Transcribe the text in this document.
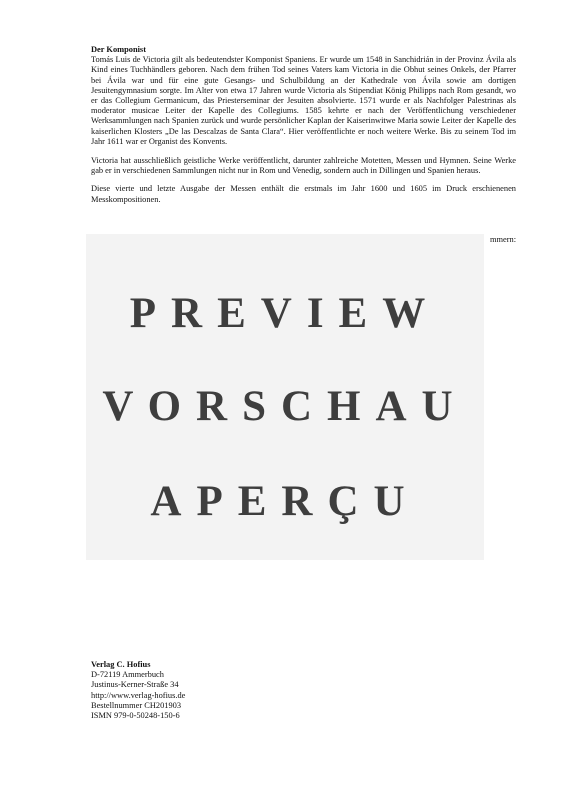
Der Komponist

Tomás Luis de Victoria gilt als bedeutendster Komponist Spaniens. Er wurde um 1548 in Sanchidrián in der Provinz Ávila als Kind eines Tuchhändlers geboren. Nach dem frühen Tod seines Vaters kam Victoria in die Obhut seines Onkels, der Pfarrer bei Ávila war und für eine gute Gesangs- und Schulbildung an der Kathedrale von Ávila sowie am dortigen Jesuitengymnasium sorgte. Im Alter von etwa 17 Jahren wurde Victoria als Stipendiat König Philipps nach Rom gesandt, wo er das Collegium Germanicum, das Priesterseminar der Jesuiten absolvierte. 1571 wurde er als Nachfolger Palestrinas als moderator musicae Leiter der Kapelle des Collegiums. 1585 kehrte er nach der Veröffentlichung verschiedener Werksammlungen nach Spanien zurück und wurde persönlicher Kaplan der Kaiserinwitwe Maria sowie Leiter der Kapelle des kaiserlichen Klosters „De las Descalzas de Santa Clara“. Hier veröffentlichte er noch weitere Werke. Bis zu seinem Tod im Jahr 1611 war er Organist des Konvents.

Victoria hat ausschließlich geistliche Werke veröffentlicht, darunter zahlreiche Motetten, Messen und Hymnen. Seine Werke gab er in verschiedenen Sammlungen nicht nur in Rom und Venedig, sondern auch in Dillingen und Spanien heraus.

Diese vierte und letzte Ausgabe der Messen enthält die erstmals im Jahr 1600 und 1605 im Druck erschienenen Messkompositionen.

mmern:
PREVIEW
VORSCHAU
APERÇU
Verlag C. Hofius
D-72119 Ammerbuch
Justinus-Kerner-Straße 34
http://www.verlag-hofius.de
Bestellnummer CH201903
ISMN 979-0-50248-150-6
